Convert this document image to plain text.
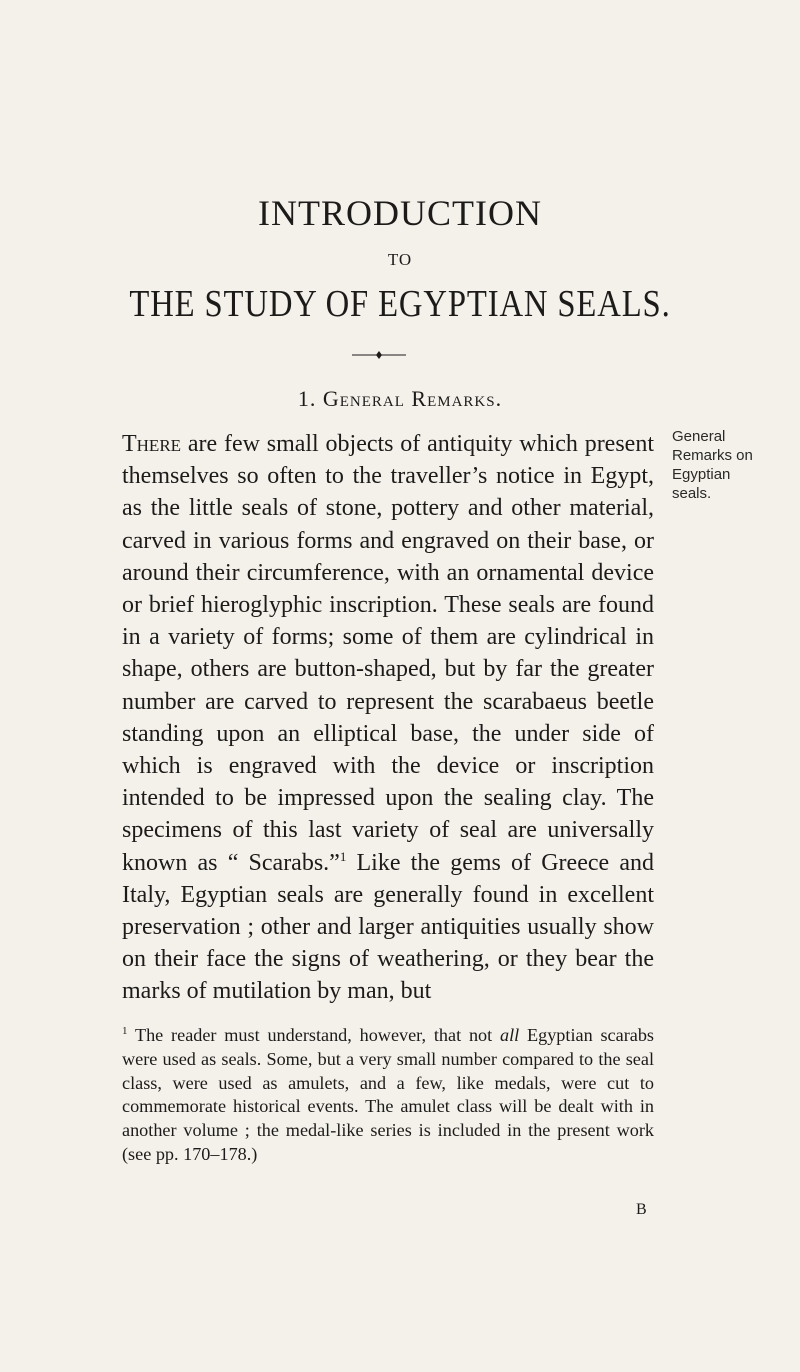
INTRODUCTION
TO
THE STUDY OF EGYPTIAN SEALS.
1. General Remarks.
General
Remarks on
Egyptian
seals.
There are few small objects of antiquity which present themselves so often to the traveller’s notice in Egypt, as the little seals of stone, pottery and other material, carved in various forms and engraved on their base, or around their circumference, with an ornamental device or brief hieroglyphic inscription. These seals are found in a variety of forms; some of them are cylindrical in shape, others are button-shaped, but by far the greater number are carved to represent the scarabaeus beetle standing upon an elliptical base, the under side of which is engraved with the device or inscription intended to be impressed upon the sealing clay. The specimens of this last variety of seal are universally known as “ Scarabs.”$^1$ Like the gems of Greece and Italy, Egyptian seals are generally found in excellent preservation ; other and larger antiquities usually show on their face the signs of weathering, or they bear the marks of mutilation by man, but
$^1$ The reader must understand, however, that not all Egyptian scarabs were used as seals. Some, but a very small number compared to the seal class, were used as amulets, and a few, like medals, were cut to commemorate historical events. The amulet class will be dealt with in another volume ; the medal-like series is included in the present work (see pp. 170–178.)
B
